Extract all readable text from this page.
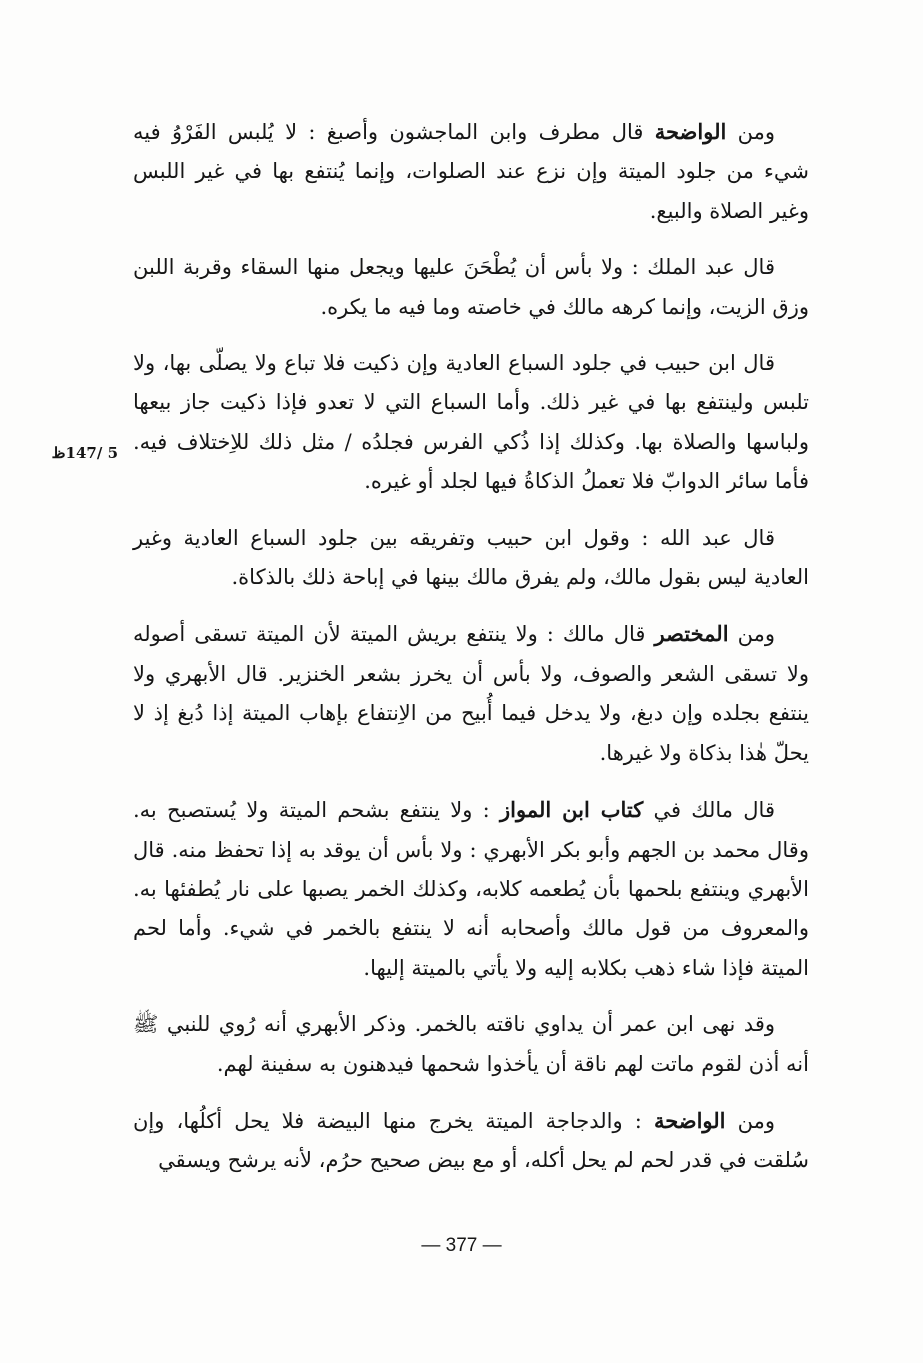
ومن الواضحة قال مطرف وابن الماجشون وأصبغ : لا يُلبس الفَرْوُ فيه شيء من جلود الميتة وإن نزع عند الصلوات، وإنما يُنتفع بها في غير اللبس وغير الصلاة والبيع.

قال عبد الملك : ولا بأس أن يُطْحَنَ عليها ويجعل منها السقاء وقربة اللبن وزق الزيت، وإنما كرهه مالك في خاصته وما فيه ما يكره.

قال ابن حبيب في جلود السباع العادية وإن ذكيت فلا تباع ولا يصلّى بها، ولا تلبس ولينتفع بها في غير ذلك. وأما السباع التي لا تعدو فإذا ذكيت جاز بيعها ولباسها والصلاة بها. وكذلك إذا ذُكي الفرس فجلدُه / مثل ذلك للاِختلاف فيه. فأما سائر الدوابّ فلا تعملُ الذكاةُ فيها لجلد أو غيره.

قال عبد الله : وقول ابن حبيب وتفريقه بين جلود السباع العادية وغير العادية ليس بقول مالك، ولم يفرق مالك بينها في إباحة ذلك بالذكاة.

ومن المختصر قال مالك : ولا ينتفع بريش الميتة لأن الميتة تسقى أصوله ولا تسقى الشعر والصوف، ولا بأس أن يخرز بشعر الخنزير. قال الأبهري ولا ينتفع بجلده وإن دبغ، ولا يدخل فيما أُبيح من الاِنتفاع بإهاب الميتة إذا دُبغ إذ لا يحلّ هٰذا بذكاة ولا غيرها.

قال مالك في كتاب ابن المواز : ولا ينتفع بشحم الميتة ولا يُستصبح به. وقال محمد بن الجهم وأبو بكر الأبهري : ولا بأس أن يوقد به إذا تحفظ منه. قال الأبهري وينتفع بلحمها بأن يُطعمه كلابه، وكذلك الخمر يصبها على نار يُطفئها به. والمعروف من قول مالك وأصحابه أنه لا ينتفع بالخمر في شيء. وأما لحم الميتة فإذا شاء ذهب بكلابه إليه ولا يأتي بالميتة إليها.

وقد نهى ابن عمر أن يداوي ناقته بالخمر. وذكر الأبهري أنه رُوي للنبي ﷺ أنه أذن لقوم ماتت لهم ناقة أن يأخذوا شحمها فيدهنون به سفينة لهم.

ومن الواضحة : والدجاجة الميتة يخرج منها البيضة فلا يحل أكلُها، وإن سُلقت في قدر لحم لم يحل أكله، أو مع بيض صحيح حرُم، لأنه يرشح ويسقي

5 /147ظ
— 377 —
